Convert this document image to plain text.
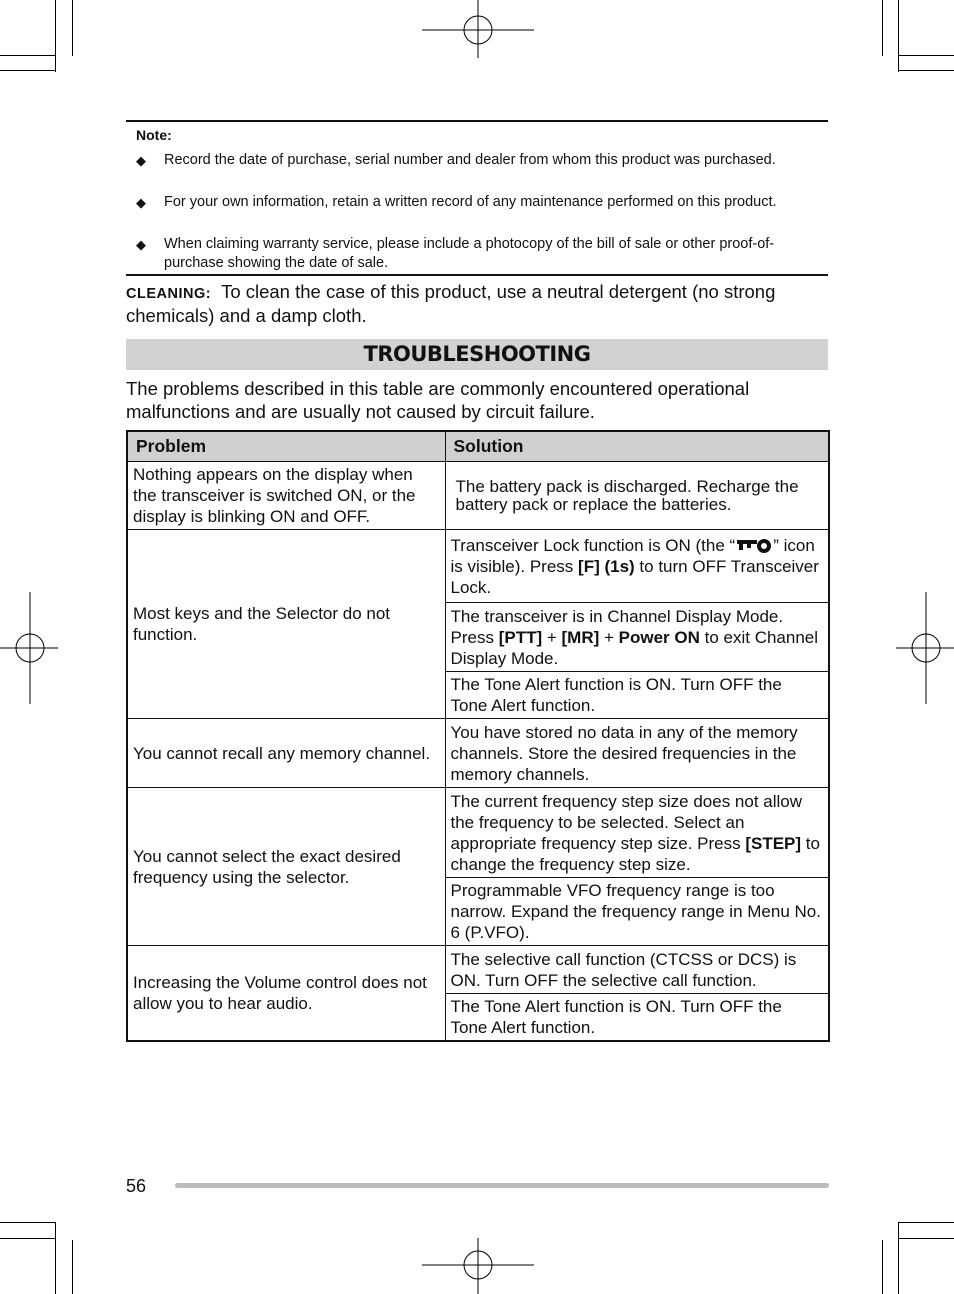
Note:
◆ Record the date of purchase, serial number and dealer from whom this product was purchased.
◆ For your own information, retain a written record of any maintenance performed on this product.
◆ When claiming warranty service, please include a photocopy of the bill of sale or other proof-of-purchase showing the date of sale.
CLEANING: To clean the case of this product, use a neutral detergent (no strong chemicals) and a damp cloth.
TROUBLESHOOTING
The problems described in this table are commonly encountered operational malfunctions and are usually not caused by circuit failure.
Problem	Solution
Nothing appears on the display when the transceiver is switched ON, or the display is blinking ON and OFF.	The battery pack is discharged. Recharge the battery pack or replace the batteries.
Most keys and the Selector do not function.	Transceiver Lock function is ON (the “ ” icon is visible). Press [F] (1s) to turn OFF Transceiver Lock.
	The transceiver is in Channel Display Mode. Press [PTT] + [MR] + Power ON to exit Channel Display Mode.
	The Tone Alert function is ON. Turn OFF the Tone Alert function.
You cannot recall any memory channel.	You have stored no data in any of the memory channels. Store the desired frequencies in the memory channels.
You cannot select the exact desired frequency using the selector.	The current frequency step size does not allow the frequency to be selected. Select an appropriate frequency step size. Press [STEP] to change the frequency step size.
	Programmable VFO frequency range is too narrow. Expand the frequency range in Menu No. 6 (P.VFO).
Increasing the Volume control does not allow you to hear audio.	The selective call function (CTCSS or DCS) is ON. Turn OFF the selective call function.
	The Tone Alert function is ON. Turn OFF the Tone Alert function.
56
